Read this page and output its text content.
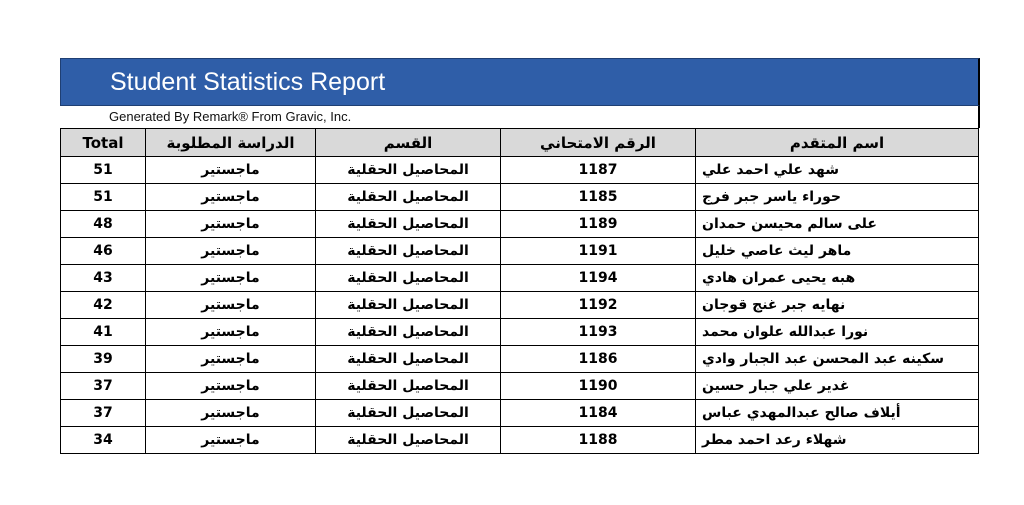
Student Statistics Report
Generated By Remark® From Gravic, Inc.
Total	الدراسة المطلوبة	القسم	الرقم الامتحاني	اسم المتقدم
51	ماجستير	المحاصيل الحقلية	1187	شهد علي احمد علي
51	ماجستير	المحاصيل الحقلية	1185	حوراء ياسر جبر فرج
48	ماجستير	المحاصيل الحقلية	1189	على سالم محيسن حمدان
46	ماجستير	المحاصيل الحقلية	1191	ماهر ليث عاصي خليل
43	ماجستير	المحاصيل الحقلية	1194	هبه يحيى عمران هادي
42	ماجستير	المحاصيل الحقلية	1192	نهايه جبر غنج قوجان
41	ماجستير	المحاصيل الحقلية	1193	نورا عبدالله علوان محمد
39	ماجستير	المحاصيل الحقلية	1186	سكينه عبد المحسن عبد الجبار وادي
37	ماجستير	المحاصيل الحقلية	1190	غدير علي جبار حسين
37	ماجستير	المحاصيل الحقلية	1184	أيلاف صالح عبدالمهدي عباس
34	ماجستير	المحاصيل الحقلية	1188	شهلاء رعد احمد مطر
